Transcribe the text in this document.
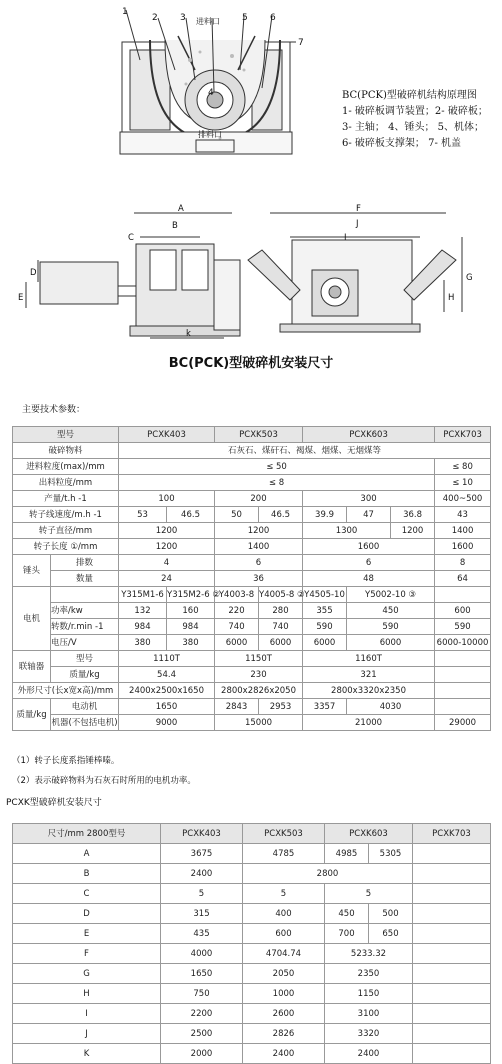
1
2 3	5 6
7
4
进料口
排料口
BC(PCK)型破碎机结构原理图
1- 破碎板调节装置；2- 破碎板；
3- 主轴； 4、锤头； 5、机体；
6- 破碎板支撑架； 7- 机盖
A
B
C
D
E
k
F
G
H
I
J
BC(PCK)型破碎机安装尺寸
主要技术参数：
型号		PCXK403		PCXK503		PCXK603			PCXK703
破碎物料		石灰石、煤矸石、褐煤、烟煤、无烟煤等							
进料粒度(max)/mm		≤ 50							≤ 80
出料粒度/mm		≤ 8							≤ 10
产量/t.h -1		100		200		300			400~500
转子线速度/m.h -1		53	46.5	50	46.5	39.9	47	36.8	43
转子直径/mm		1200		1200		1300		1200	1400
转子长度 ①/mm		1200		1400		1600			1600
锤头	排数	4		6		6			8
	数量	24		36		48			64
电机		Y315M1-6	Y315M2-6 ②	Y4003-8	Y4005-8 ②	Y4505-10	Y5002-10 ③		
	功率/kw	132	160	220	280	355	450		600
	转数/r.min -1	984	984	740	740	590	590		590
	电压/V	380	380	6000	6000	6000	6000		6000-10000
联轴器	型号	1110T		1150T		1160T			
	质量/kg	54.4		230		321			
外形尺寸(长x宽x高)/mm		2400x2500x1650		2800x2826x2050		2800x3320x2350			
质量/kg	电动机	1650		2843	2953	3357	4030		
	机器(不包括电机)	9000		15000		21000			29000
（1）转子长度系指锤棒嗪。
（2）表示破碎物料为石灰石时所用的电机功率。
PCXK型破碎机安装尺寸
尺寸/mm 2800型号	PCXK403	PCXK503	PCXK603		PCXK703
A	3675	4785	4985	5305	
B	2400	2800			
C	5	5	5		
D	315	400	450	500	
E	435	600	700	650	
F	4000	4704.74	5233.32		
G	1650	2050	2350		
H	750	1000	1150		
I	2200	2600	3100		
J	2500	2826	3320		
K	2000	2400	2400		
